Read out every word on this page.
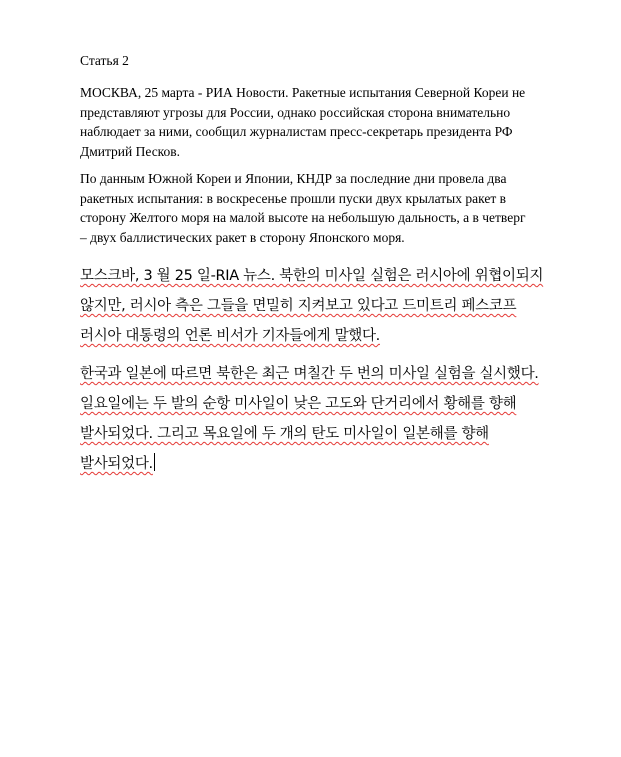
Статья 2

МОСКВА, 25 марта - РИА Новости. Ракетные испытания Северной Кореи не
представляют угрозы для России, однако российская сторона внимательно
наблюдает за ними, сообщил журналистам пресс-секретарь президента РФ
Дмитрий Песков.

По данным Южной Кореи и Японии, КНДР за последние дни провела два
ракетных испытания: в воскресенье прошли пуски двух крылатых ракет в
сторону Желтого моря на малой высоте на небольшую дальность, а в четверг
– двух баллистических ракет в сторону Японского моря.

모스크바, 3 월 25 일-RIA 뉴스. 북한의 미사일 실험은 러시아에 위협이되지
않지만, 러시아 측은 그들을 면밀히 지켜보고 있다고 드미트리 페스코프
러시아 대통령의 언론 비서가 기자들에게 말했다.

한국과 일본에 따르면 북한은 최근 며칠간 두 번의 미사일 실험을 실시했다.
일요일에는 두 발의 순항 미사일이 낮은 고도와 단거리에서 황해를 향해
발사되었다. 그리고 목요일에 두 개의 탄도 미사일이 일본해를 향해
발사되었다.
